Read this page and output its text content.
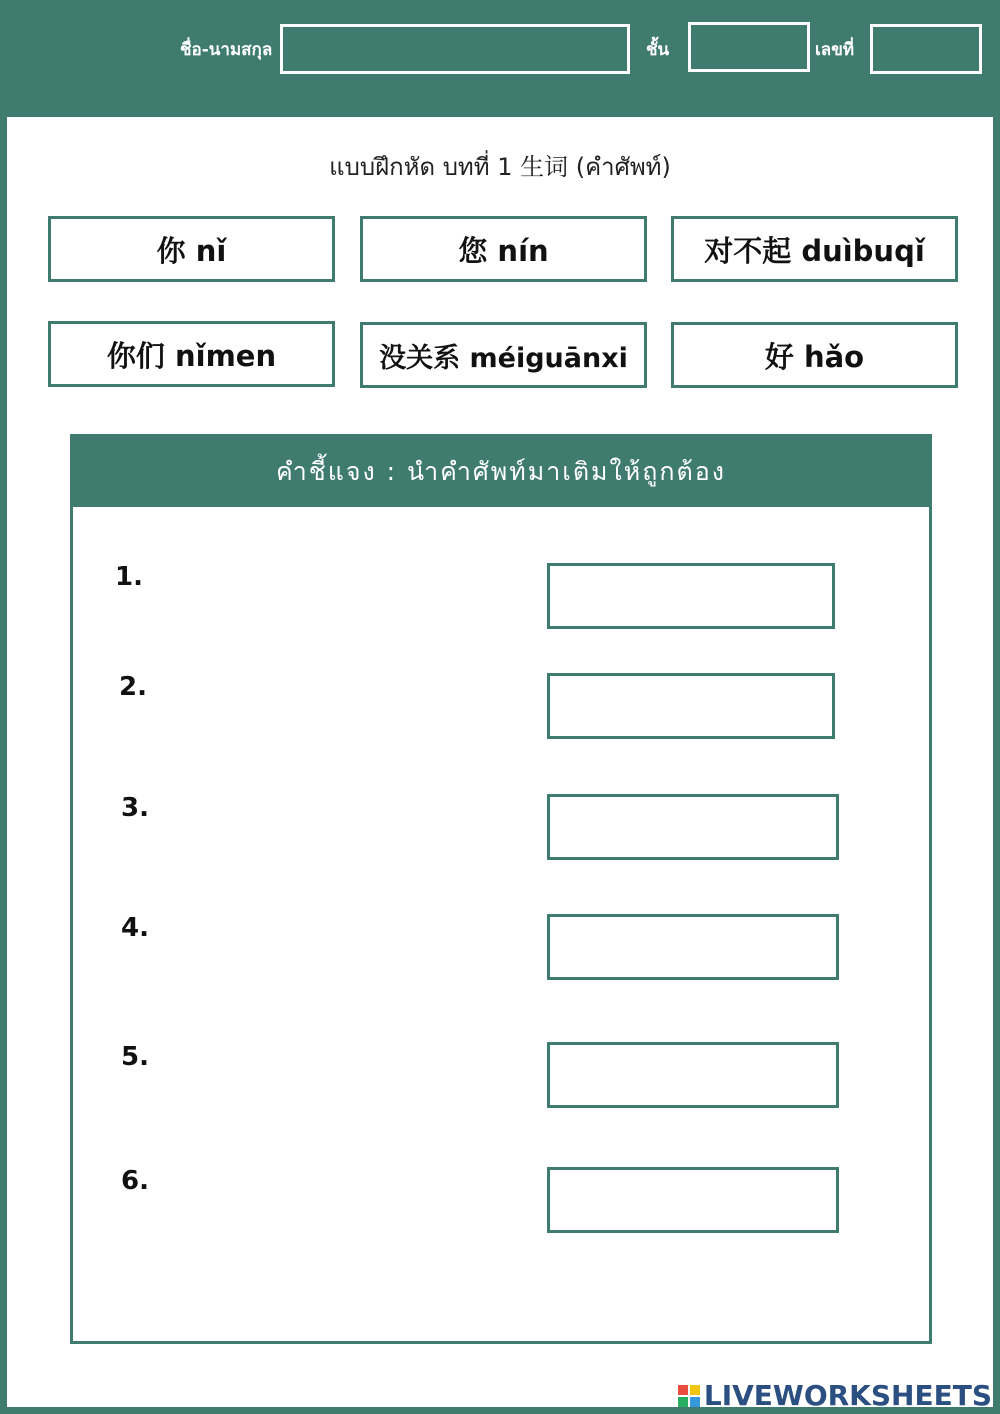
ชื่อ-นามสกุล	ชั้น	เลขที่
แบบฝึกหัด บทที่ 1 生词 (คำศัพท์)
你 nǐ	您 nín	对不起 duìbuqǐ
你们 nǐmen	没关系 méiguānxi	好 hǎo
คำชี้แจง : นำคำศัพท์มาเติมให้ถูกต้อง
1.
2.
3.
4.
5.
6.
LIVEWORKSHEETS
